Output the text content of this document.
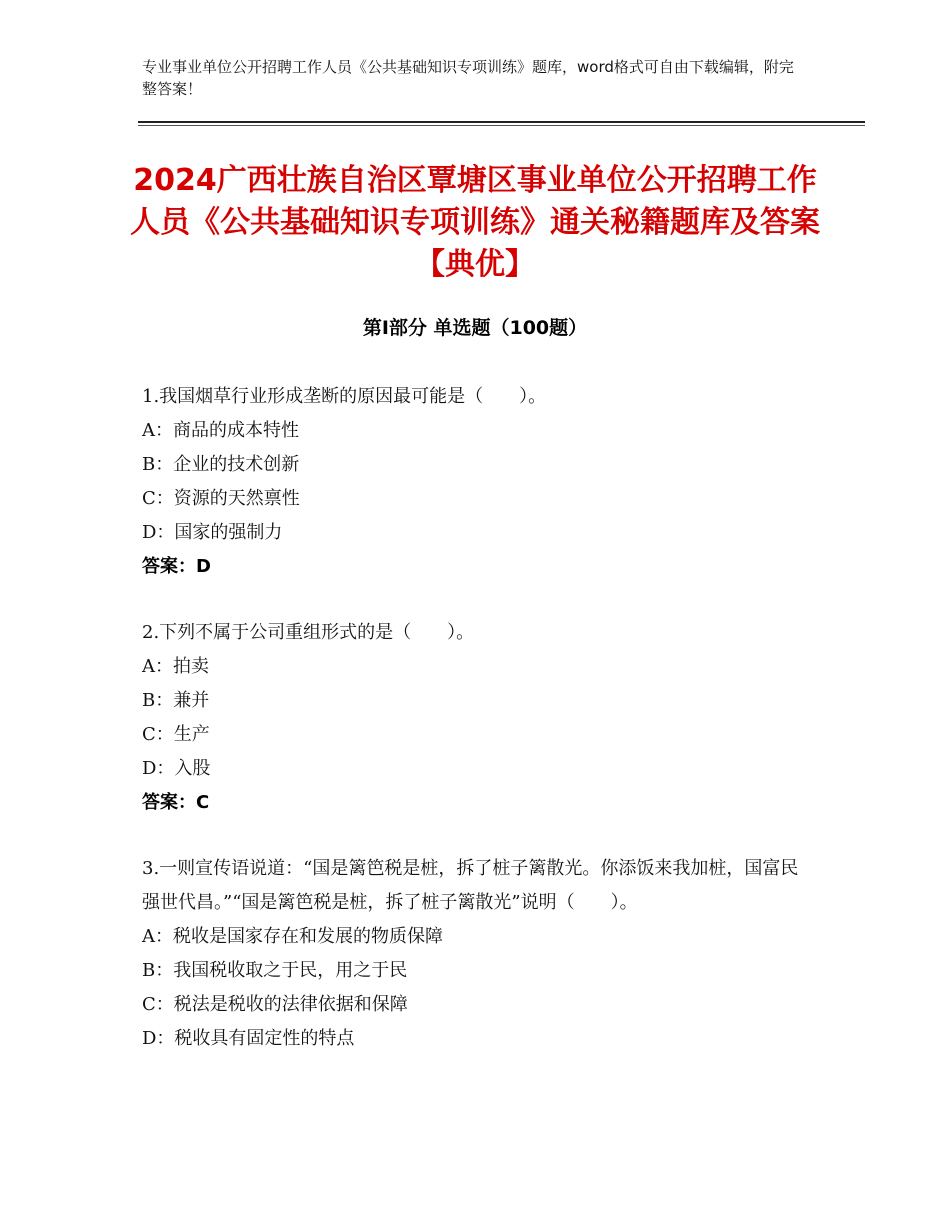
专业事业单位公开招聘工作人员《公共基础知识专项训练》题库，word格式可自由下载编辑，附完整答案！
2024广西壮族自治区覃塘区事业单位公开招聘工作人员《公共基础知识专项训练》通关秘籍题库及答案【典优】
第Ⅰ部分 单选题（100题）
1.我国烟草行业形成垄断的原因最可能是（　　）。
A：商品的成本特性
B：企业的技术创新
C：资源的天然禀性
D：国家的强制力
答案：D
2.下列不属于公司重组形式的是（　　）。
A：拍卖
B：兼并
C：生产
D：入股
答案：C
3.一则宣传语说道：“国是篱笆税是桩，拆了桩子篱散光。你添饭来我加桩，国富民强世代昌。”“国是篱笆税是桩，拆了桩子篱散光”说明（　　）。
A：税收是国家存在和发展的物质保障
B：我国税收取之于民，用之于民
C：税法是税收的法律依据和保障
D：税收具有固定性的特点
